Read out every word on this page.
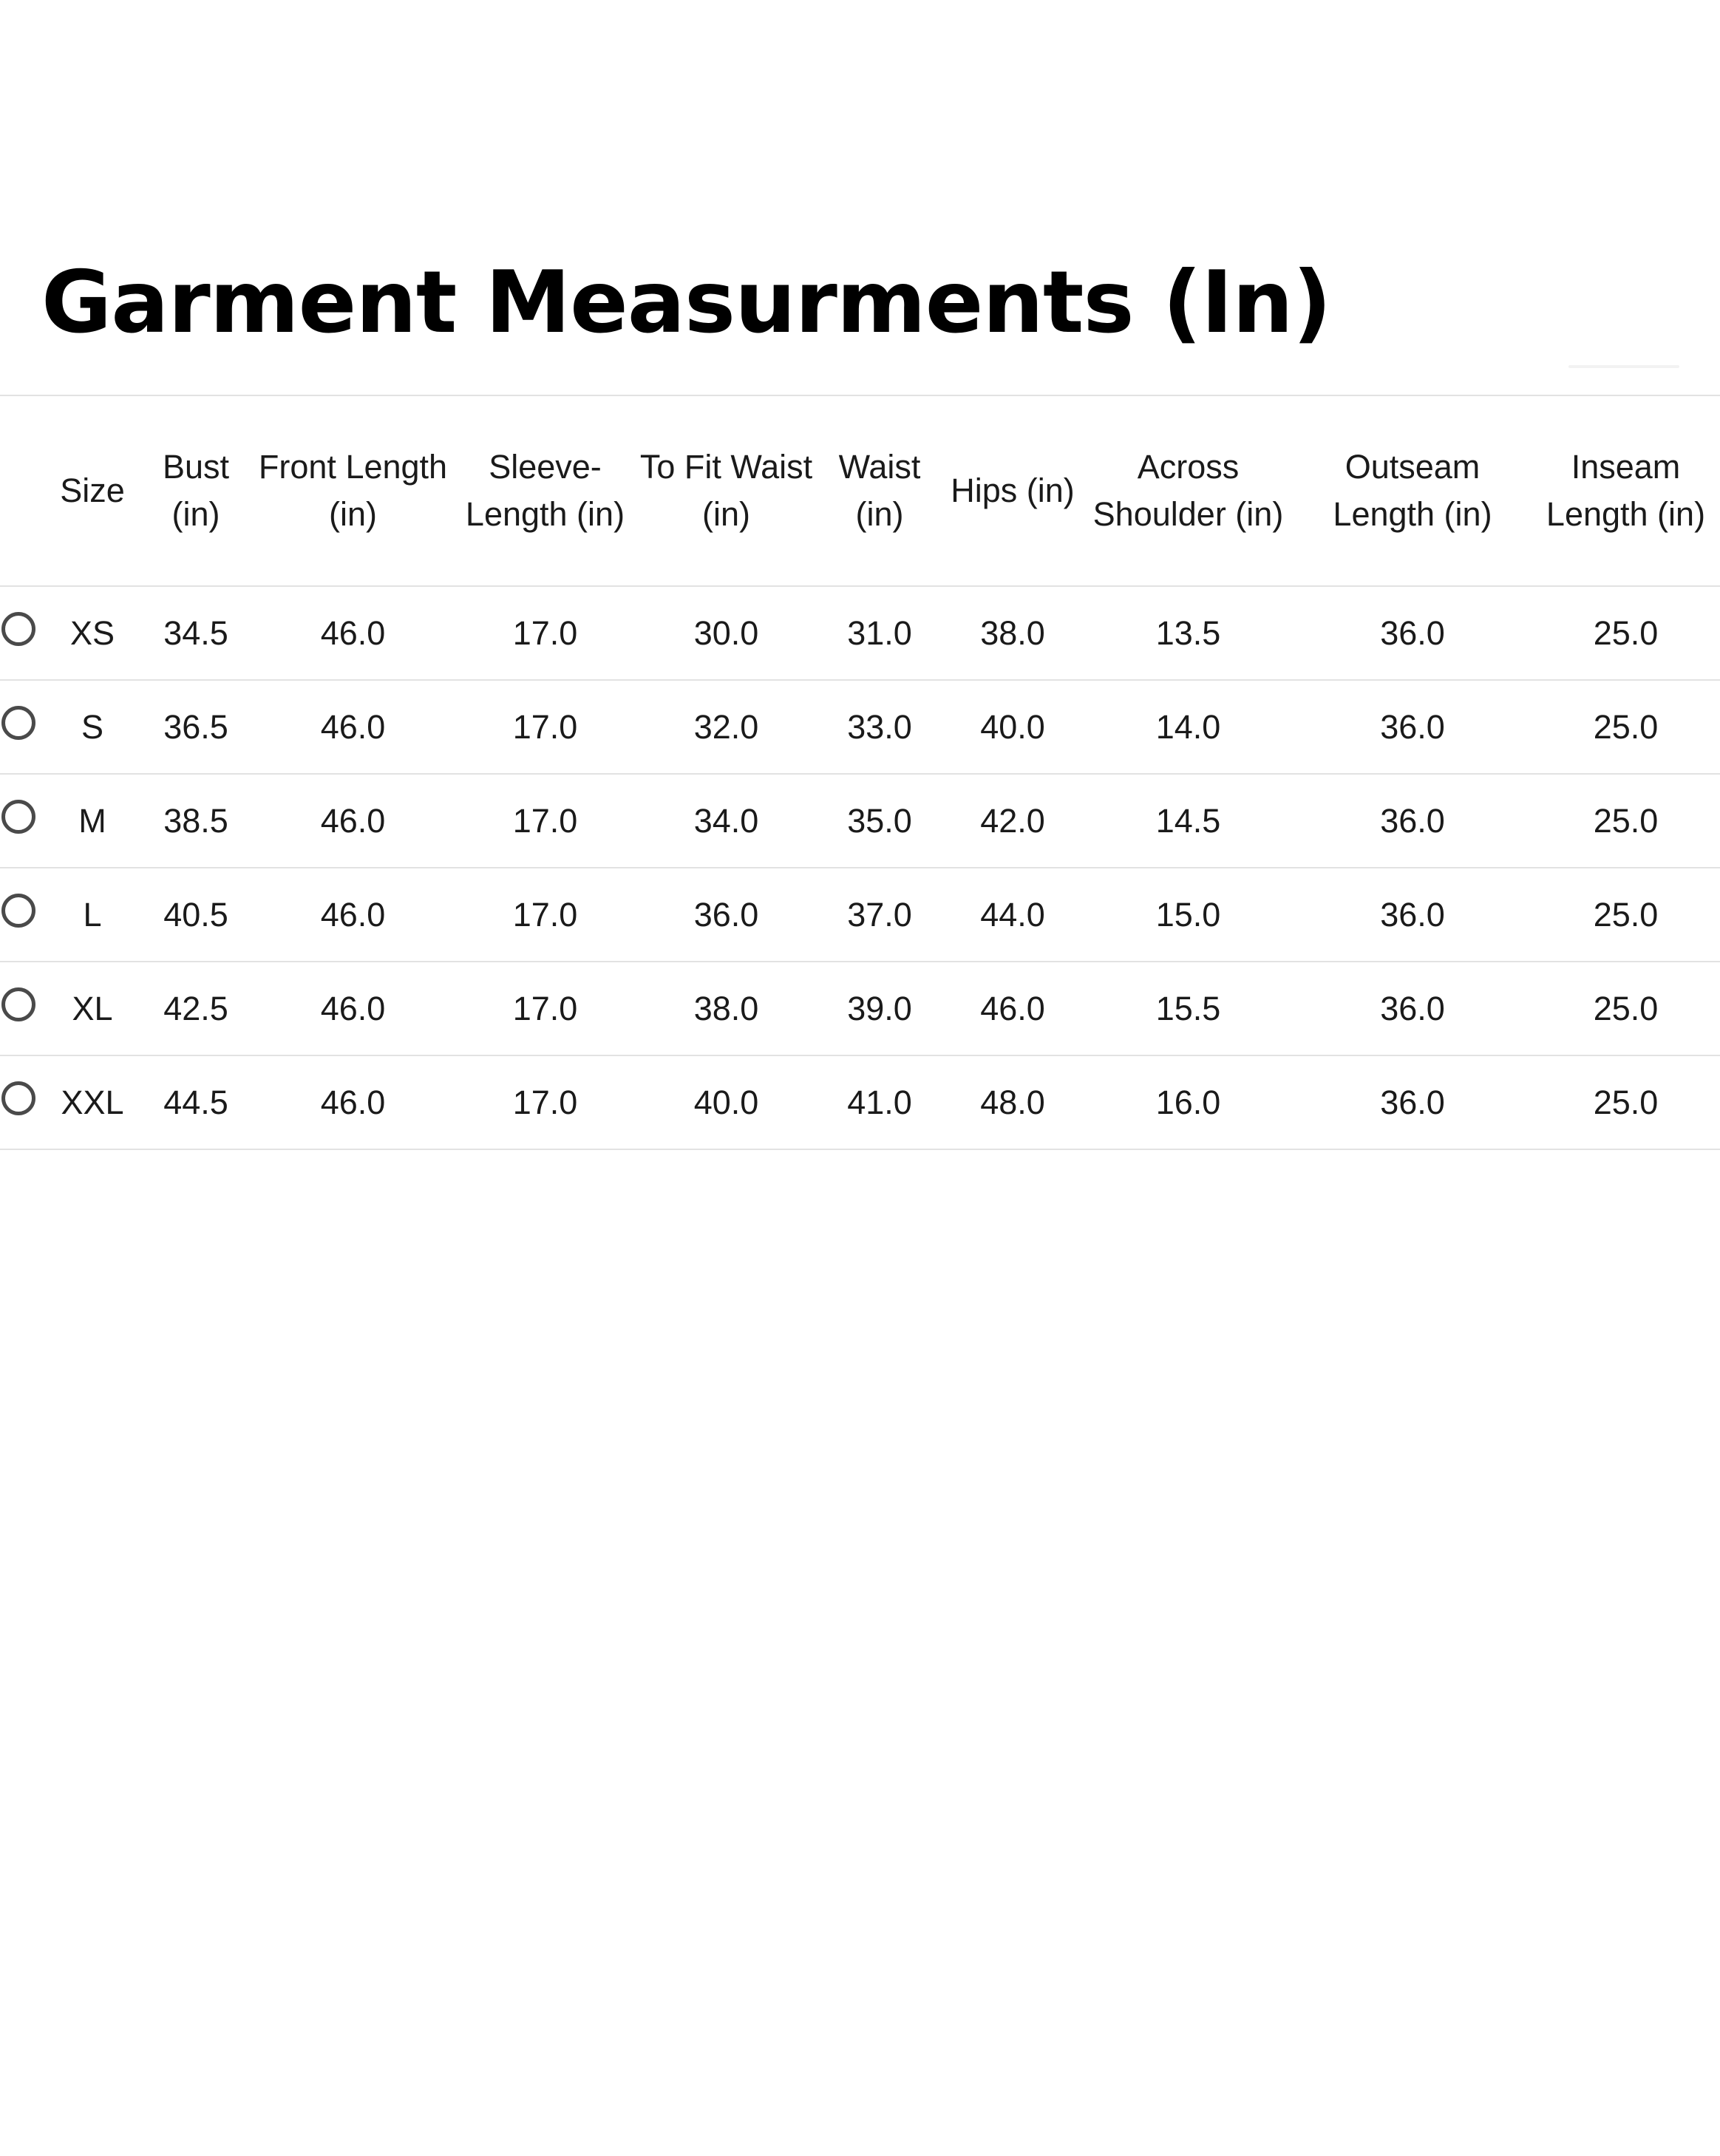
Garment Measurments (In)
	Size	Bust (in)	Front Length (in)	Sleeve-Length (in)	To Fit Waist (in)	Waist (in)	Hips (in)	Across Shoulder (in)	Outseam Length (in)	Inseam Length (in)

	XS	34.5	46.0	17.0	30.0	31.0	38.0	13.5	36.0	25.0

	S	36.5	46.0	17.0	32.0	33.0	40.0	14.0	36.0	25.0

	M	38.5	46.0	17.0	34.0	35.0	42.0	14.5	36.0	25.0

	L	40.5	46.0	17.0	36.0	37.0	44.0	15.0	36.0	25.0

	XL	42.5	46.0	17.0	38.0	39.0	46.0	15.5	36.0	25.0

	XXL	44.5	46.0	17.0	40.0	41.0	48.0	16.0	36.0	25.0
